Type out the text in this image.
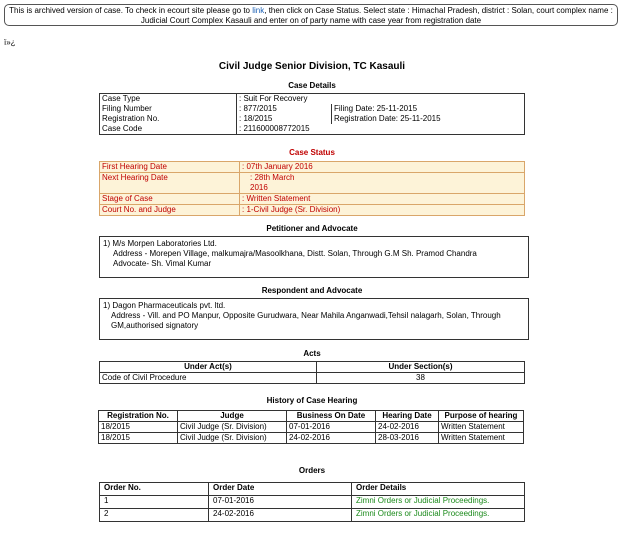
This is archived version of case. To check in ecourt site please go to link, then click on Case Status. Select state : Himachal Pradesh, district : Solan, court complex name : Judicial Court Complex Kasauli and enter on of party name with case year from registration date
ï»¿
Civil Judge Senior Division, TC Kasauli
Case Details
Case Type	: Suit For Recovery	
Filing Number	: 877/2015	Filing Date: 25-11-2015
Registration No.	: 18/2015	Registration Date: 25-11-2015
Case Code	: 211600008772015	
Case Status
First Hearing Date	: 07th January 2016
Next Hearing Date	: 28th March 2016

Stage of Case	: Written Statement
Court No. and Judge	: 1-Civil Judge (Sr. Division)
Petitioner and Advocate
1) M/s Morpen Laboratories Ltd.
Address - Morepen Village, malkumajra/Masoolkhana, Distt. Solan, Through G.M Sh. Pramod Chandra
Advocate- Sh. Vimal Kumar
Respondent and Advocate
1) Dagon Pharmaceuticals pvt. ltd.
Address - Vill. and PO Manpur, Opposite Gurudwara, Near Mahila Anganwadi,Tehsil nalagarh, Solan, Through GM,authorised signatory
Acts
Under Act(s)	Under Section(s)
Code of Civil Procedure	38
History of Case Hearing
Registration No.	Judge	Business On Date	Hearing Date	Purpose of hearing
18/2015	Civil Judge (Sr. Division)	07-01-2016	24-02-2016	Written Statement
18/2015	Civil Judge (Sr. Division)	24-02-2016	28-03-2016	Written Statement
Orders
Order No.	Order Date	Order Details
1	07-01-2016	Zimni Orders or Judicial Proceedings.
2	24-02-2016	Zimni Orders or Judicial Proceedings.
